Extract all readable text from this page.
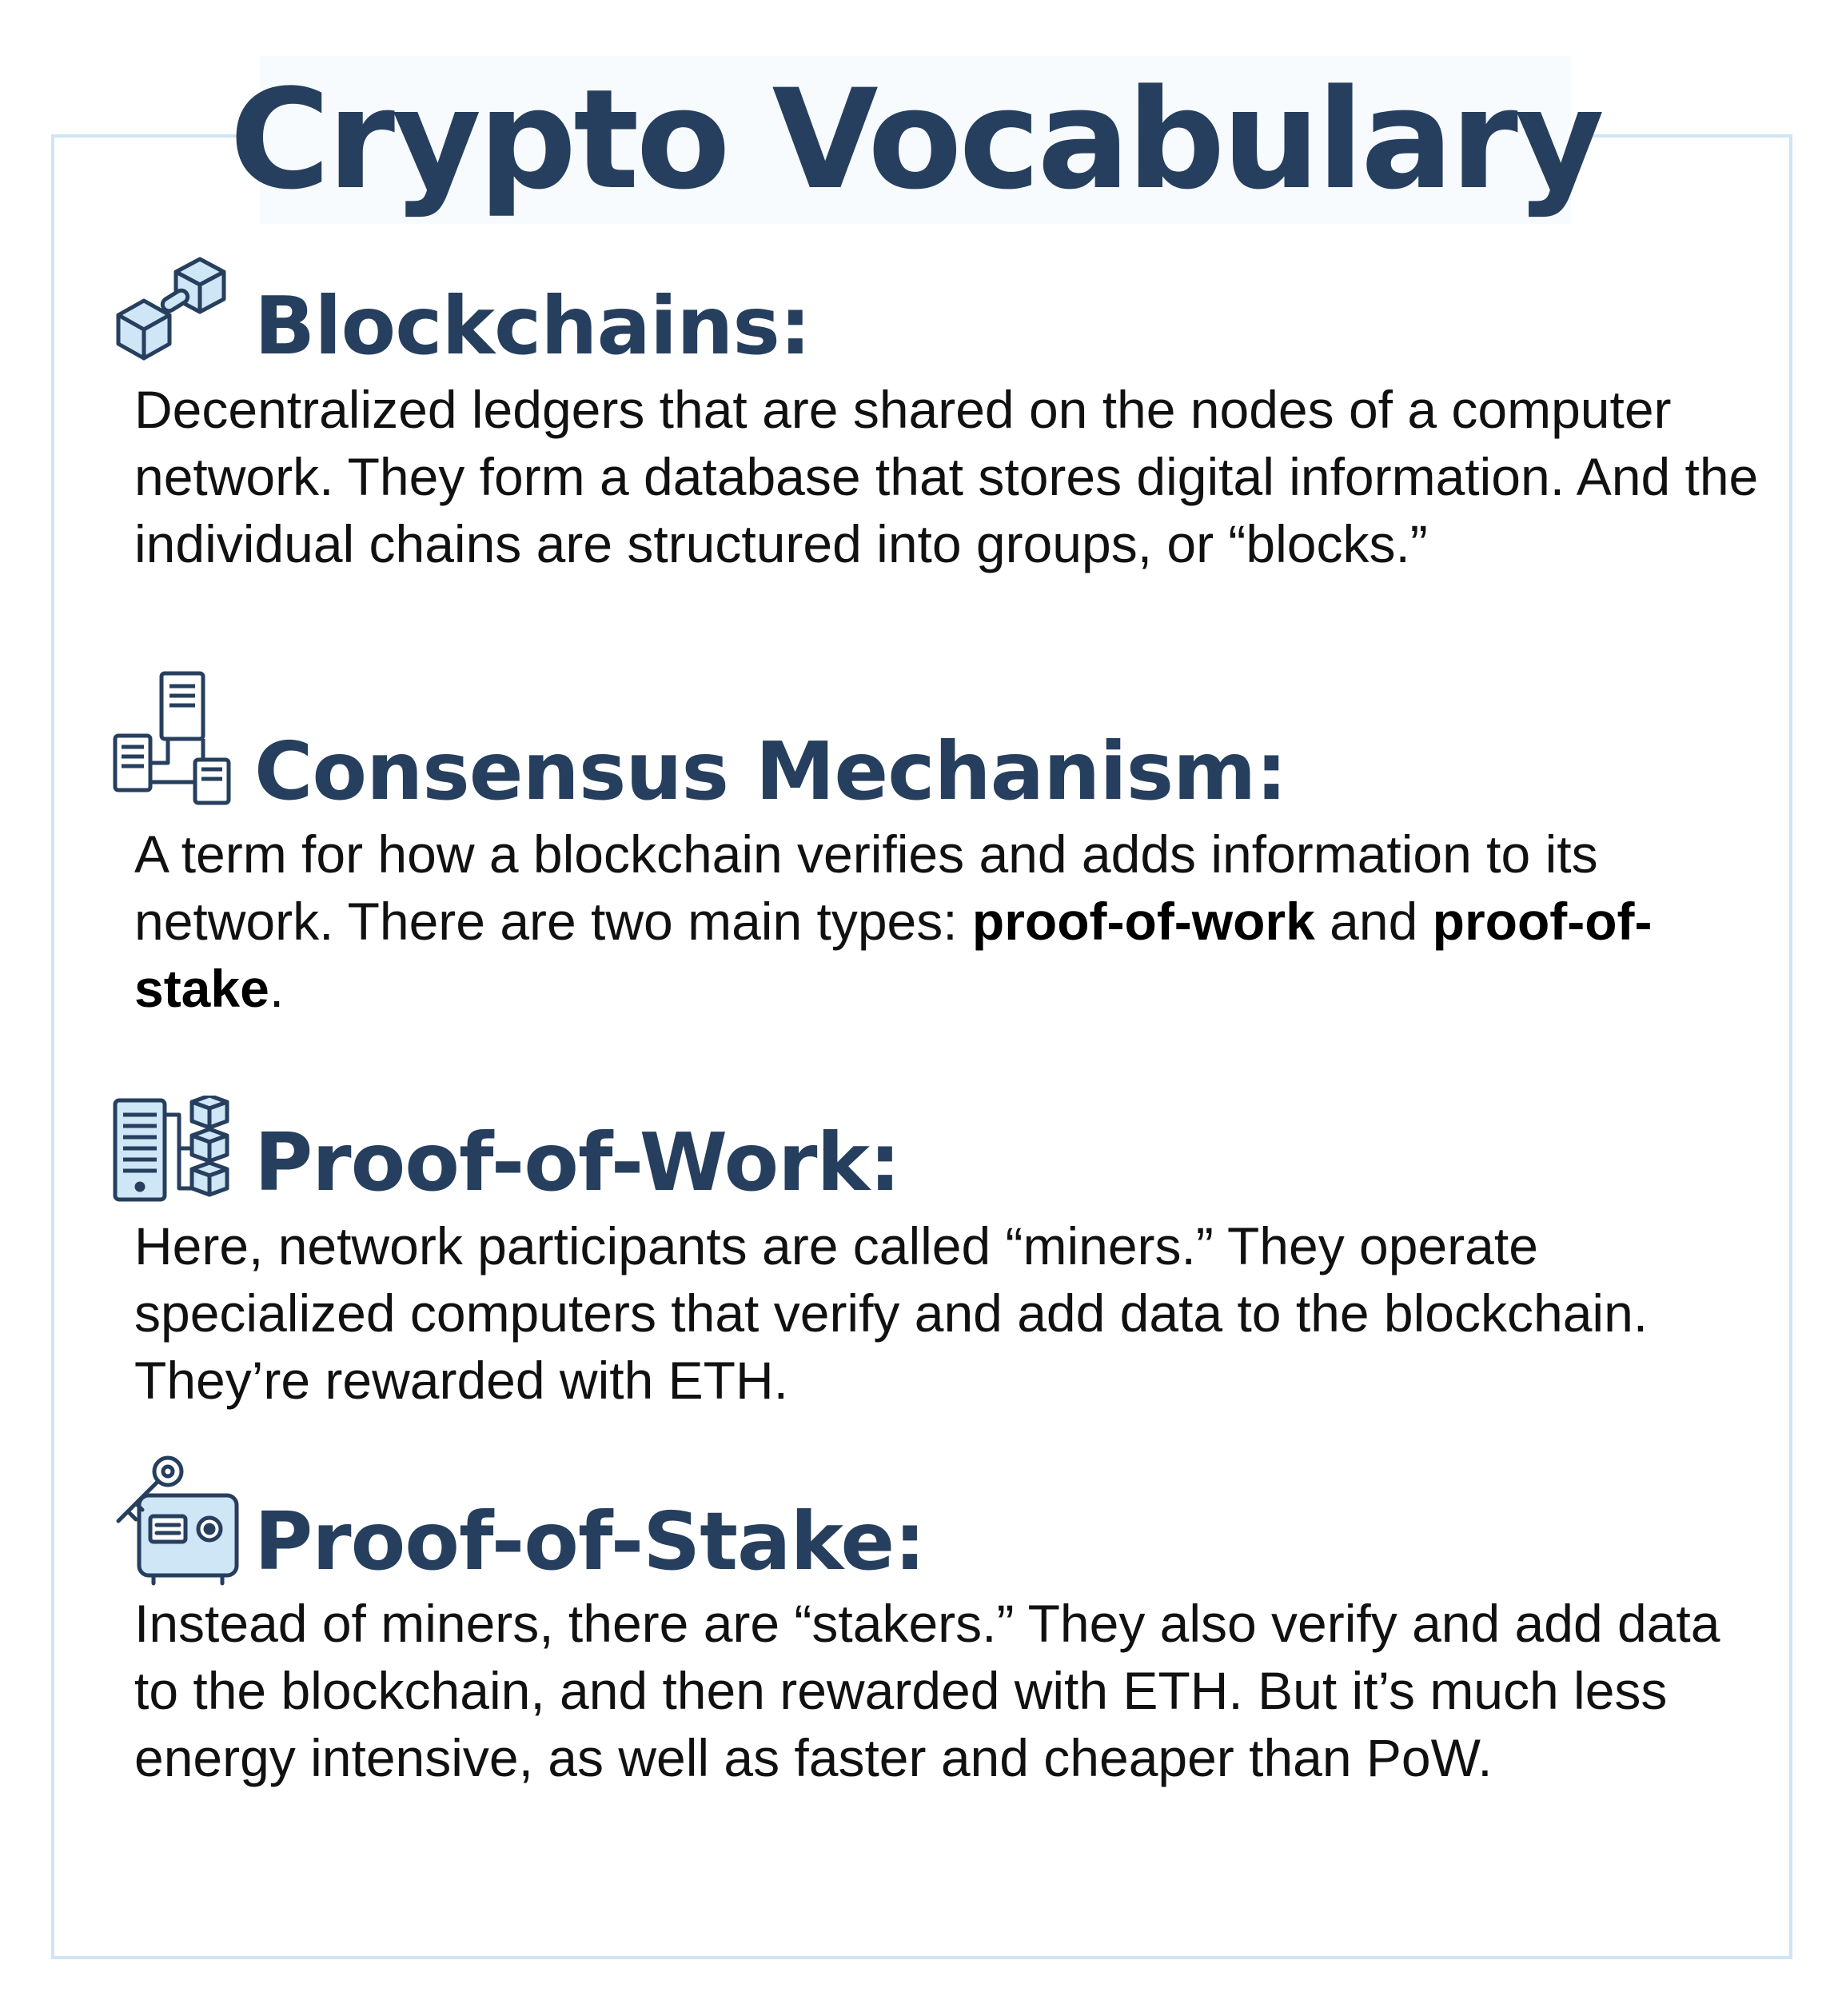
Crypto Vocabulary
Blockchains:

Decentralized ledgers that are shared on the nodes of a computer network. They form a database that stores digital information. And the individual chains are structured into groups, or “blocks.”

Consensus Mechanism:

A term for how a blockchain verifies and adds information to its network. There are two main types: proof-of-work and proof-of-stake.

Proof-of-Work:

Here, network participants are called “miners.” They operate specialized computers that verify and add data to the blockchain. They’re rewarded with ETH.

Proof-of-Stake:

Instead of miners, there are “stakers.” They also verify and add data to the blockchain, and then rewarded with ETH. But it’s much less energy intensive, as well as faster and cheaper than PoW.
